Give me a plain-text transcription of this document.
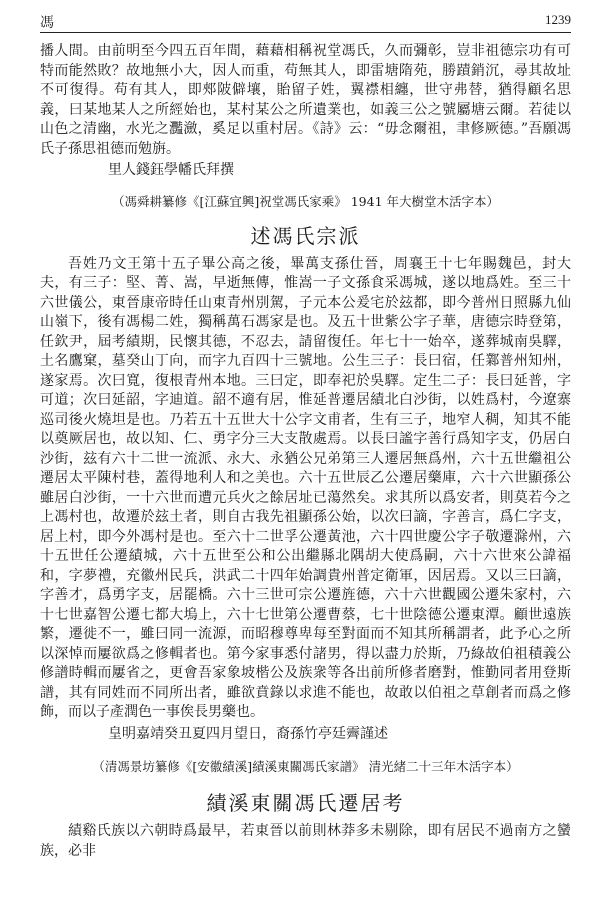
馮	1239

播人間。由前明至今四五百年間，藉藉相稱祝堂馮氏，久而彌彰，豈非祖德宗功有可特而能然敗？故地無小大，因人而重，苟無其人，即雷塘隋苑，勝蹟銷沉，尋其故址不可復得。苟有其人，即郟陂僻壤，貽留子姓，翼襟相纏，世守弗替，猶得顧名思義，曰某地某人之所經始也，某村某公之所遺業也，如義三公之號屬塘云爾。若徒以山色之清幽，水光之灩瀲，奚足以重村居。《詩》云：“毋念爾祖，聿修厥德。”吾願馮氏子孫思祖德而勉旃。

里人錢鈺學幡氏拜撰

（馮舜耕纂修《[江蘇宜興]祝堂馮氏家乘》 1941 年大樹堂木活字本）

述馮氏宗派

吾姓乃文王第十五子畢公高之後，畢萬支孫仕晉，周襄王十七年賜魏邑，封大夫，有三子：堅、菁、嵩，早逝無傳，惟嵩一子文孫食采馮城，遂以地爲姓。至三十六世儀公，東晉康帝時任山東青州別駕，子元本公爰宅於玆都，即今普州日照縣九仙山嶺下，後有馮楊二姓，獨稱萬石馮家是也。及五十世紫公字子華，唐德宗時登第，任欽尹，屆考績期，民懷其德，不忍去，請留復任。年七十一始卒，遂葬城南吳驛，土名鷹窠，墓癸山丁向，而字九百四十三號地。公生三子：長曰宿，任鄴普州知州，遂家焉。次曰寬，復根青州本地。三曰定，即奉祀於吳驛。定生二子：長曰延普，字可道；次曰延韶，字迪道。韶不適有居，惟延普遷居績北白沙街，以姓爲村，今遼寨巡司後火燒坦是也。乃若五十五世大十公字文甫者，生有三子，地窄人稠，知其不能以奠厥居也，故以知、仁、勇字分三大支散處焉。以長曰謐字善行爲知字支，仍居白沙街，玆有六十二世一流派、永大、永猶公兄弟第三人遷居無爲州，六十五世繼祖公遷居太平陳村巷，蓋得地利人和之美也。六十五世辰乙公遷居藥庫，六十六世顯孫公雖居白沙街，一十六世而遭元兵火之餘居址已蕩然矣。求其所以爲安者，則莫若今之上馮村也，故遷於玆土者，則自古我先祖顯孫公始，以次曰謫，字善言，爲仁字支，居上村，即今外馮村是也。至六十二世孚公遷黃池，六十四世慶公字子敬遷滁州，六十五世任公遷績城，六十五世至公和公出繼縣北隅胡大使爲嗣，六十六世來公諱福和，字夢禮，充徽州民兵，洪武二十四年始調貴州普定衛軍，因居焉。又以三曰謫，字善才，爲勇字支，居罷橋。六十三世可宗公遷旌德，六十六世觀國公遷朱家村，六十七世嘉智公遷七都大塢上，六十七世第公遷曹蔡，七十世陰德公遷東潭。顧世遠族繁，遷徙不一，雖曰同一流源，而昭穆尊卑每至對面而不知其所稱謂者，此予心之所以深悼而屢欲爲之修輯者也。第今家事悉付諸男，得以盡力於斯，乃綠故伯祖積義公修譜時輯而屢省之，更會吾家象坡楷公及族衆等各出前所修者磨對，惟勤同者用登斯譜，其有同姓而不同所出者，雖欲賁錄以求進不能也，故敢以伯祖之草創者而爲之修飾，而以子產潤色一事俟長男藥也。

皇明嘉靖癸丑夏四月望日，裔孫竹亭廷霽謹述

（清馮景坊纂修《[安徽績溪]績溪東關馮氏家譜》 清光緒二十三年木活字本）

績溪東關馮氏遷居考

績谿氏族以六朝時爲最早，若東晉以前則林莽多未剔除，即有居民不過南方之蠻族，必非
